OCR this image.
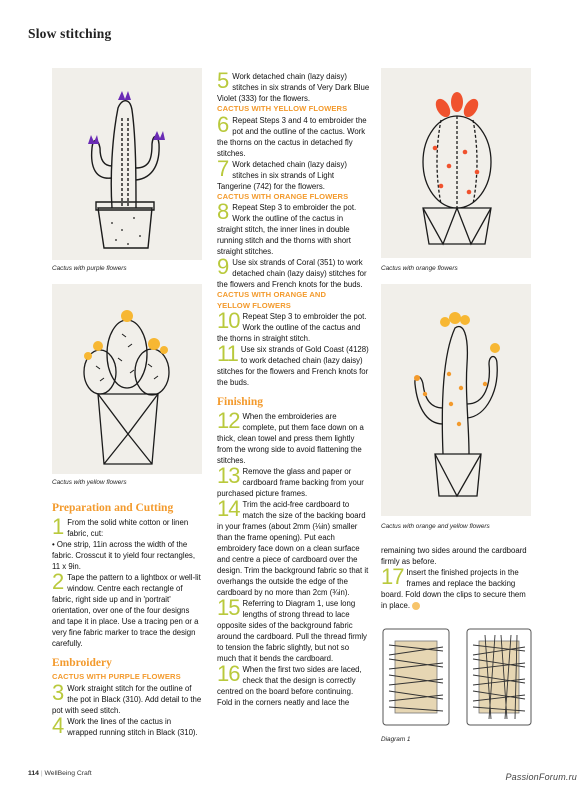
Slow stitching
Cactus with purple flowers
Cactus with yellow flowers
Cactus with orange flowers
Cactus with orange and yellow flowers
Preparation and Cutting
1 From the solid white cotton or linen fabric, cut:
• One strip, 11in across the width of the fabric. Crosscut it to yield four rectangles, 11 x 9in.
2 Tape the pattern to a lightbox or well-lit window. Centre each rectangle of fabric, right side up and in 'portrait' orientation, over one of the four designs and tape it in place. Use a tracing pen or a very fine fabric marker to trace the design carefully.
Embroidery
CACTUS WITH PURPLE FLOWERS
3 Work straight stitch for the outline of the pot in Black (310). Add detail to the pot with seed stitch.
4 Work the lines of the cactus in wrapped running stitch in Black (310).
5 Work detached chain (lazy daisy) stitches in six strands of Very Dark Blue Violet (333) for the flowers.
CACTUS WITH YELLOW FLOWERS
6 Repeat Steps 3 and 4 to embroider the pot and the outline of the cactus. Work the thorns on the cactus in detached fly stitches.
7 Work detached chain (lazy daisy) stitches in six strands of Light Tangerine (742) for the flowers.
CACTUS WITH ORANGE FLOWERS
8 Repeat Step 3 to embroider the pot. Work the outline of the cactus in straight stitch, the inner lines in double running stitch and the thorns with short straight stitches.
9 Use six strands of Coral (351) to work detached chain (lazy daisy) stitches for the flowers and French knots for the buds.
CACTUS WITH ORANGE AND
YELLOW FLOWERS
10 Repeat Step 3 to embroider the pot. Work the outline of the cactus and the thorns in straight stitch.
11 Use six strands of Gold Coast (4128) to work detached chain (lazy daisy) stitches for the flowers and French knots for the buds.
Finishing
12 When the embroideries are complete, put them face down on a thick, clean towel and press them lightly from the wrong side to avoid flattening the stitches.
13 Remove the glass and paper or cardboard frame backing from your purchased picture frames.
14 Trim the acid-free cardboard to match the size of the backing board in your frames (about 2mm (⅛in) smaller than the frame opening). Put each embroidery face down on a clean surface and centre a piece of cardboard over the design. Trim the background fabric so that it overhangs the outside the edge of the cardboard by no more than 2cm (¾in).
15 Referring to Diagram 1, use long lengths of strong thread to lace opposite sides of the background fabric around the cardboard. Pull the thread firmly to tension the fabric slightly, but not so much that it bends the cardboard.
16 When the first two sides are laced, check that the design is correctly centred on the board before continuing. Fold in the corners neatly and lace the
remaining two sides around the cardboard firmly as before.
17 Insert the finished projects in the frames and replace the backing board. Fold down the clips to secure them in place.
Diagram 1
114 | WellBeing Craft	PassionForum.ru
